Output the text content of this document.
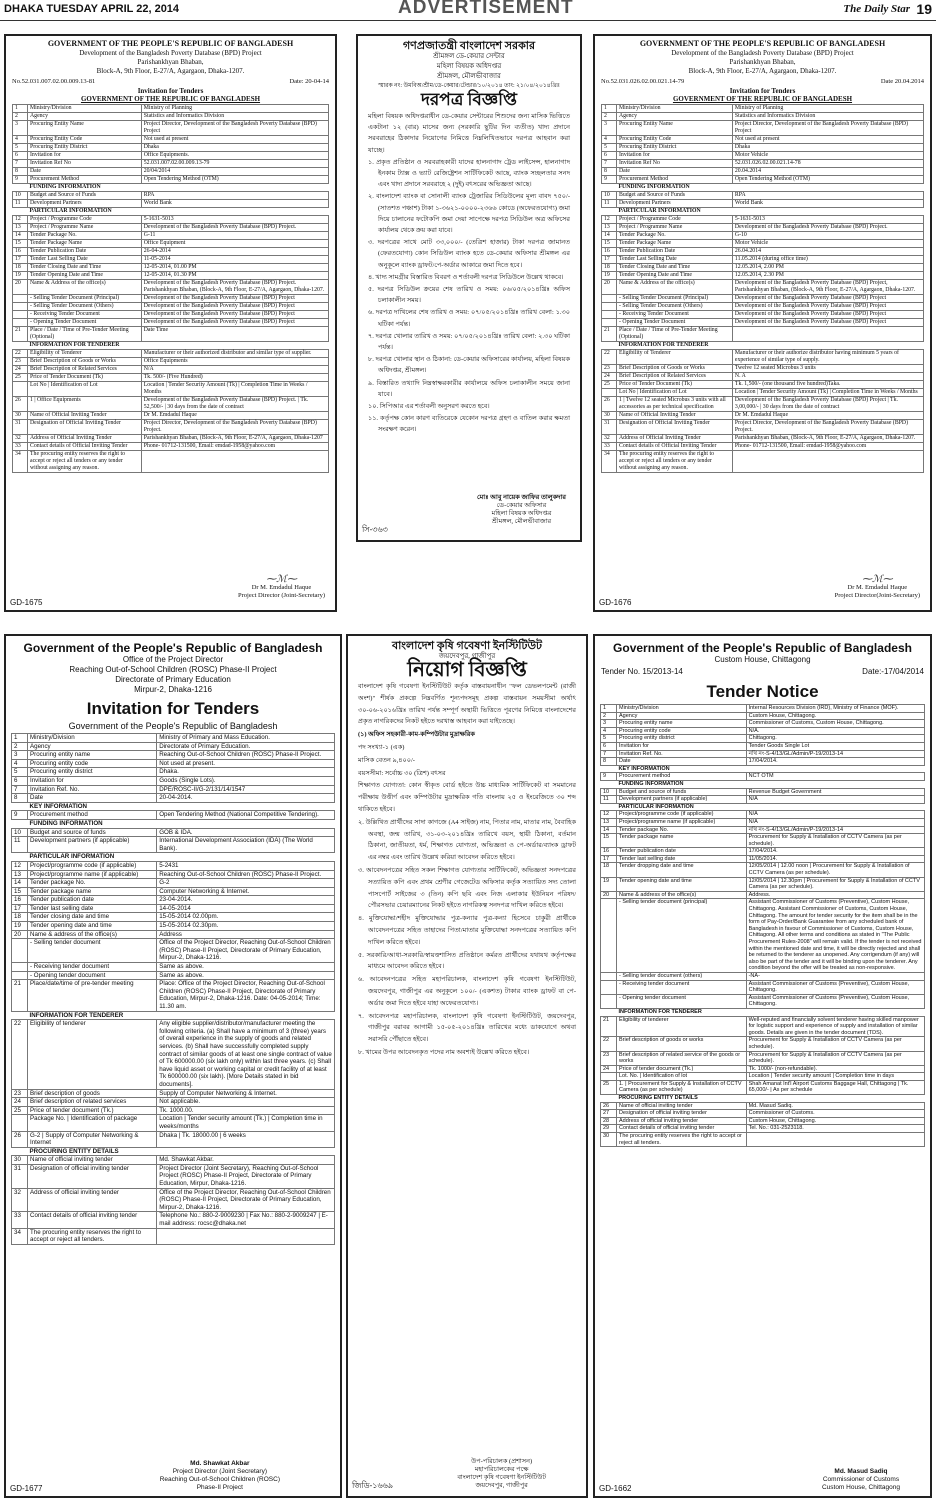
DHAKA TUESDAY APRIL 22, 2014	ADVERTISEMENT	The Daily Star 19
GOVERNMENT OF THE PEOPLE'S REPUBLIC OF BANGLADESH
Development of the Bangladesh Poverty Database (BPD) Project
Parishankhyan Bhaban,
Block-A, 9th Floor, E-27/A, Agargaon, Dhaka-1207.
No.52.031.007.02.00.009.13-81	Date: 20-04-14
Invitation for Tenders
GOVERNMENT OF THE REPUBLIC OF BANGLADESH
1	Ministry/Division	Ministry of Planning
2	Agency	Statistics and Informatics Division
3	Procuring Entity Name	Project Director, Development of the Bangladesh Poverty Database (BPD) Project
4	Procuring Entity Code	Not used at present
5	Procuring Entity District	Dhaka
6	Invitation for	Office Equipments.
7	Invitation Ref No	52.031.007.02.00.009.13-79
8	Date	20/04/2014
9	Procurement Method	Open Tendering Method (OTM)
	FUNDING INFORMATION	
10	Budget and Source of Funds	RPA
11	Development Partners	World Bank
	PARTICULAR INFORMATION	
12	Project / Programme Code	5-1631-5013
13	Project / Programme Name	Development of the Bangladesh Poverty Database (BPD) Project.
14	Tender Package No.	G-11
15	Tender Package Name	Office Equipment
16	Tender Publication Date	26-04-2014
17	Tender Last Selling Date	11-05-2014
18	Tender Closing Date and Time	12-05-2014, 01.00 PM
19	Tender Opening Date and Time	12-05-2014, 01.30 PM
20	Name & Address of the office(s)	Development of the Bangladesh Poverty Database (BPD) Project. Parishankhyan Bhaban, (Block-A, 9th Floor, E-27/A, Agargaon, Dhaka-1207.
	- Selling Tender Document (Principal)	Development of the Bangladesh Poverty Database (BPD) Project
	- Selling Tender Document (Others)	Development of the Bangladesh Poverty Database (BPD) Project
	- Receiving Tender Document	Development of the Bangladesh Poverty Database (BPD) Project
	- Opening Tender Document	Development of the Bangladesh Poverty Database (BPD) Project
21	Place / Date / Time of Pre-Tender Meeting (Optional)	Date Time
	INFORMATION FOR TENDERER	
22	Eligibility of Tenderer	Manufacturer or their authorized distributor and similar type of supplier.
23	Brief Description of Goods or Works	Office Equipments
24	Brief Description of Related Services	N/A
25	Price of Tender Document (Tk)	Tk. 500/- (Five Hundred)
	Lot No | Identification of Lot	Location | Tender Security Amount (Tk) | Completion Time in Weeks / Months
26	1 | Office Equipments	Development of the Bangladesh Poverty Database (BPD) Project. | Tk. 52,500/- | 30 days from the date of contract
30	Name of Official Inviting Tender	Dr M. Emdadul Haque
31	Designation of Official Inviting Tender	Project Director, Development of the Bangladesh Poverty Database (BPD) Project.
32	Address of Official Inviting Tender	Parishankhyan Bhaban, (Block-A, 9th Floor, E-27/A, Agargaon, Dhaka-1207
33	Contact details of Official Inviting Tender	Phone- 01712-131500, Email: emdad-1958@yahoo.com
34	The procuring entity reserves the right to accept or reject all tenders or any tender without assigning any reason.	
⁓ℳ⁓
Dr M. Emdadul Haque
Project Director (Joint-Secretary)
GD-1675
গণপ্রজাতন্ত্রী বাংলাদেশ সরকার
শ্রীমঙ্গল ডে-কেয়ার সেন্টার
মহিলা বিষয়ক অধিদপ্তর
শ্রীমঙ্গল, মৌলভীবাজার
স্মারক নং: উমবিঅ/শ্রীম/ডে-কেয়ার/টেন্ডার/১০/২০১৪ তাং: ২১/০৪/২০১৪খ্রিঃ
দরপত্র বিজ্ঞপ্তি

মহিলা বিষয়ক অধিদপ্তরাধীন ডে-কেয়ার সেন্টারের শিশুদের জন্য মাসিক ভিত্তিতে একটানা ১২ (বার) মাসের জন্য (সরকারি ছুটির দিন ব্যতীত) খাদ্য প্রদানে সরবরাহের ঠিকাদার নিয়োগের নিমিত্তে নিম্নলিখিতভাবে দরপত্র আহবান করা যাচ্ছে।

১. প্রকৃত প্রতিষ্ঠান ও সরবরাহকারী যাদের হালনাগাদ ট্রেড লাইসেন্স, হালনাগাদ ইনকাম ট্যাক্স ও ভ্যাট রেজিষ্ট্রেশন সার্টিফিকেট আছে, ব্যাংক সচ্ছলতার সনদ এবং খাদ্য প্রদানে সরবরাহে ২ (দুই) বৎসরের অভিজ্ঞতা আছে।

২. বাংলাদেশ ব্যাংক বা সোনালী ব্যাংক ট্রেজারির সিডিউলের মূল্য বাবদ ৭৫০/- (সাতশত পঞ্চাশ) টাকা ১-৩৬২১-০০০০-২৩৬৬ কোডে (অফেরতযোগ্য) জমা দিয়ে চালানের ফটোকপি জমা দেয়া সাপেক্ষে দরপত্র সিডিউল অত্র অফিসের কার্যালয় থেকে ক্রয় করা যাবে।

৩. দরপত্রের সাথে মোট ৩৩,০০০/- (তেত্রিশ হাজার) টাকা দরপত্র জামানত (ফেরতযোগ্য) কোন সিডিউল ব্যাংক হতে ডে-কেয়ার অফিসার শ্রীমঙ্গল এর অনুকূলে ব্যাংক ড্রাফট/পে-অর্ডার আকারে জমা দিতে হবে।

৪. খাদ্য সামগ্রীর বিস্তারিত বিবরণ ও শর্তাবলী দরপত্র সিডিউলে উল্লেখ থাকবে।

৫. দরপত্র সিডিউল ক্রয়ের শেষ তারিখ ও সময়: ০৬/০৫/২০১৪খ্রিঃ অফিস চলাকালীন সময়।

৬. দরপত্র দাখিলের শেষ তারিখ ও সময়: ০৭/০৫/২০১৪খ্রিঃ তারিখ বেলা: ১.৩০ ঘটিকা পর্যন্ত।

৭. দরপত্র খোলার তারিখ ও সময়: ০৭/০৫/২০১৪খ্রিঃ তারিখ বেলা: ২.৩০ ঘটিকা পর্যন্ত।

৮. দরপত্র খোলার স্থান ও ঠিকানা: ডে-কেয়ার অফিসারের কার্যালয়, মহিলা বিষয়ক অধিদপ্তর, শ্রীমঙ্গল।

৯. বিস্তারিত তথ্যাদি নিম্নস্বাক্ষরকারীর কার্যালয়ে অফিস চলাকালীন সময়ে জানা যাবে।

১০. সিপিআর এর শর্তাবলী অনুসরণ করতে হবে।

১১. কর্তৃপক্ষ কোন কারণ ব্যতিরেকে যেকোন দরপত্র গ্রহণ ও বাতিল করার ক্ষমতা সংরক্ষণ করেন।

মোঃ আবু নায়েক জাফির তালুকদার
ডে-কেয়ার অফিসার
মহিলা বিষয়ক অধিদপ্তর
শ্রীমঙ্গল, মৌলভীবাজার
সি-৩৬৩
GOVERNMENT OF THE PEOPLE'S REPUBLIC OF BANGLADESH
Development of the Bangladesh Poverty Database (BPD) Project
Parishankhyan Bhaban,
Block-A, 9th Floor, E-27/A, Agargaon, Dhaka-1207.
No.52.031.026.02.00.021.14-79	Date 20.04.2014
Invitation for Tenders
GOVERNMENT OF THE REPUBLIC OF BANGLADESH
1	Ministry/Division	Ministry of Planning
2	Agency	Statistics and Informatics Division
3	Procuring Entity Name	Project Director, Development of the Bangladesh Poverty Database (BPD) Project
4	Procuring Entity Code	Not used at present
5	Procuring Entity District	Dhaka
6	Invitation for	Motor Vehicle
7	Invitation Ref No	52.031.026.02.00.021.14-78
8	Date	20.04.2014
9	Procurement Method	Open Tendering Method (OTM)
	FUNDING INFORMATION	
10	Budget and Source of Funds	RPA
11	Development Partners	World Bank
	PARTICULAR INFORMATION	
12	Project / Programme Code	5-1631-5013
13	Project / Programme Name	Development of the Bangladesh Poverty Database (BPD) Project.
14	Tender Package No.	G-10
15	Tender Package Name	Motor Vehicle
16	Tender Publication Date	26.04.2014
17	Tender Last Selling Date	11.05.2014 (during office time)
18	Tender Closing Date and Time	12.05.2014, 2.00 PM
19	Tender Opening Date and Time	12.05.2014, 2.30 PM
20	Name & Address of the office(s)	Development of the Bangladesh Poverty Database (BPD) Project, Parishankhyan Bhaban, (Block-A, 9th Floor, E-27/A, Agargaon, Dhaka-1207.
	- Selling Tender Document (Principal)	Development of the Bangladesh Poverty Database (BPD) Project
	- Selling Tender Document (Others)	Development of the Bangladesh Poverty Database (BPD) Project
	- Receiving Tender Document	Development of the Bangladesh Poverty Database (BPD) Project
	- Opening Tender Document	Development of the Bangladesh Poverty Database (BPD) Project
21	Place / Date / Time of Pre-Tender Meeting (Optional)	
	INFORMATION FOR TENDERER	
22	Eligibility of Tenderer	Manufacturer or their authorize distributor having minimum 5 years of experience of similar type of supply.
23	Brief Description of Goods or Works	Twelve 12 seated Microbus 3 units
24	Brief Description of Related Services	N. A
25	Price of Tender Document (Tk)	Tk. 1,500/- (one thousand five hundred)Taka.
	Lot No | Identification of Lot	Location | Tender Security Amount (Tk) | Completion Time in Weeks / Months
26	1 | Twelve 12 seated Microbus 3 units with all accessories as per technical specification	Development of the Bangladesh Poverty Database (BPD) Project | Tk. 3,00,000/- | 30 days from the date of contract
30	Name of Official Inviting Tender	Dr M. Emdadul Haque
31	Designation of Official Inviting Tender	Project Director, Development of the Bangladesh Poverty Database (BPD) Project.
32	Address of Official Inviting Tender	Parishankhyan Bhaban, (Block-A, 9th Floor, E-27/A, Agargaon, Dhaka-1207.
33	Contact details of Official Inviting Tender	Phone- 01712-131500, Email: emdad-1958@yahoo.com
34	The procuring entity reserves the right to accept or reject all tenders or any tender without assigning any reason.	
⁓ℳ⁓
Dr M. Emdadul Haque
Project Director(Joint-Secretary)
GD-1676
Government of the People's Republic of Bangladesh
Office of the Project Director
Reaching Out-of-School Children (ROSC) Phase-II Project
Directorate of Primary Education
Mirpur-2, Dhaka-1216
Invitation for Tenders
Government of the People's Republic of Bangladesh
1	Ministry/Division	Ministry of Primary and Mass Education.
2	Agency	Directorate of Primary Education.
3	Procuring entity name	Reaching Out-of-School Children (ROSC) Phase-II Project.
4	Procuring entity code	Not used at present.
5	Procuring entity district	Dhaka.
6	Invitation for	Goods (Single Lots).
7	Invitation Ref. No.	DPE/ROSC-II/G-2/131/14/1547
8	Date	20-04-2014.
	KEY INFORMATION	
9	Procurement method	Open Tendering Method (National Competitive Tendering).
	FUNDING INFORMATION	
10	Budget and source of funds	GOB & IDA.
11	Development partners (if applicable)	International Development Association (IDA) (The World Bank).
	PARTICULAR INFORMATION	
12	Project/programme code (if applicable)	5-2431
13	Project/programme name (if applicable)	Reaching Out-of-School Children (ROSC) Phase-II Project.
14	Tender package No.	G-2
15	Tender package name	Computer Networking & Internet.
16	Tender publication date	23-04-2014.
17	Tender last selling date	14-05-2014
18	Tender closing date and time	15-05-2014 02.00pm.
19	Tender opening date and time	15-05-2014 02.30pm.
20	Name & address of the office(s)	Address
	- Selling tender document	Office of the Project Director, Reaching Out-of-School Children (ROSC) Phase-II Project, Directorate of Primary Education, Mirpur-2, Dhaka-1216.
	- Receiving tender document	Same as above.
	- Opening tender document	Same as above.
21	Place/date/time of pre-tender meeting	Place: Office of the Project Director, Reaching Out-of-School Children (ROSC) Phase-II Project, Directorate of Primary Education, Mirpur-2, Dhaka-1216. Date: 04-05-2014; Time: 11.30 am.
	INFORMATION FOR TENDERER	
22	Eligibility of tenderer	Any eligible supplier/distributor/manufacturer meeting the following criteria. (a) Shall have a minimum of 3 (three) years of overall experience in the supply of goods and related services. (b) Shall have successfully completed supply contract of similar goods of at least one single contract of value of Tk 600000.00 (six lakh only) within last three years. (c) Shall have liquid asset or working capital or credit facility of at least Tk 600000.00 (six lakh). [More Details stated in bid documents].
23	Brief description of goods	Supply of Computer Networking & Internet.
24	Brief description of related services	Not applicable.
25	Price of tender document (Tk.)	Tk. 1000.00.
	Package No. | Identification of package	Location | Tender security amount (Tk.) | Completion time in weeks/months
26	G-2 | Supply of Computer Networking & Internet	Dhaka | Tk. 18000.00 | 6 weeks
	PROCURING ENTITY DETAILS	
30	Name of official inviting tender	Md. Shawkat Akbar.
31	Designation of official inviting tender	Project Director (Joint Secretary), Reaching Out-of-School Project (ROSC) Phase-II Project, Directorate of Primary Education, Mirpur, Dhaka-1216.
32	Address of official inviting tender	Office of the Project Director, Reaching Out-of-School Children (ROSC) Phase-II Project, Directorate of Primary Education, Mirpur-2, Dhaka-1216.
33	Contact details of official inviting tender	Telephone No.: 880-2-9009230 | Fax No.: 880-2-9009247 | E-mail address: rocsc@dhaka.net
34	The procuring entity reserves the right to accept or reject all tenders.	
Md. Shawkat Akbar
Project Director (Joint Secretary)
Reaching Out-of-School Children (ROSC)
Phase-II Project
GD-1677
বাংলাদেশ কৃষি গবেষণা ইনস্টিটিউট
জয়দেবপুর, গাজীপুর
নিয়োগ বিজ্ঞপ্তি

বাংলাদেশ কৃষি গবেষণা ইনস্টিটিউট কর্তৃক বাস্তবায়নাধীন "ফল ডেভলপমেন্ট (রাজী অংশ)" শীর্ষক প্রকল্পে নিম্নবর্ণিত শূন্যপদসমূহ প্রকল্প বাস্তবায়ন সময়সীমা অর্থাৎ ৩০-০৬-২০১৬খ্রিঃ তারিখ পর্যন্ত সম্পূর্ণ অস্থায়ী ভিত্তিতে পূরণের নিমিত্তে বাংলাদেশের প্রকৃত নাগরিকদের নিকট হইতে দরখাস্ত আহবান করা যাইতেছে।

(১) অফিস সহকারী-কাম-কম্পিউটার মুদ্রাক্ষরিক

পদ সংখ্যা-১ (এক)

মাসিক বেতন ৯,৪০০/-

বয়সসীমা: সর্বোচ্চ ৩০ (ত্রিশ) বৎসর

শিক্ষাগত যোগ্যতা: কোন স্বীকৃত বোর্ড হইতে উচ্চ মাধ্যমিক সার্টিফিকেট বা সমমানের পরীক্ষায় উত্তীর্ণ এবং কম্পিউটার মুদ্রাক্ষরিক গতি বাংলায় ২৫ ও ইংরেজিতে ৩০ শব্দ থাকিতে হইবে।

২. উল্লিখিত প্রার্থীদের সাদা কাগজে (A4 সাইজ) নাম, পিতার নাম, মাতার নাম, বৈবাহিক অবস্থা, জন্ম তারিখ, ৩১-০৩-২০১৪খ্রিঃ তারিখে বয়স, স্থায়ী ঠিকানা, বর্তমান ঠিকানা, জাতীয়তা, ধর্ম, শিক্ষাগত যোগ্যতা, অভিজ্ঞতা ও পে-অর্ডার/ব্যাংক ড্রাফট এর নম্বর এবং তারিখ উল্লেখ করিয়া আবেদন করিতে হইবে।

৩. আবেদনপত্রের সহিত সকল শিক্ষাগত যোগ্যতার সার্টিফিকেট, অভিজ্ঞতা সনদপত্রের সত্যায়িত কপি এবং প্রথম শ্রেণীর গেজেটেড অফিসার কর্তৃক সত্যায়িত সদ্য তোলা পাসপোর্ট সাইজের ৩ (তিন) কপি ছবি এবং নিজ এলাকার ইউনিয়ন পরিষদ/পৌরসভার চেয়ারম্যানের নিকট হইতে নাগরিকত্ব সনদপত্র দাখিল করিতে হইবে।

৪. মুক্তিযোদ্ধা/শহীদ মুক্তিযোদ্ধার পুত্র-কন্যার পুত্র-কন্যা হিসেবে চাকুরী প্রার্থীকে আবেদনপত্রের সহিত তাহাদের পিতা/মাতার মুক্তিযোদ্ধা সনদপত্রের সত্যায়িত কপি দাখিল করিতে হইবে।

৫. সরকারি/আধা-সরকারি/স্বায়ত্তশাসিত প্রতিষ্ঠানে কর্মরত প্রার্থীদের যথাযথ কর্তৃপক্ষের মাধ্যমে আবেদন করিতে হইবে।

৬. আবেদনপত্রের সহিত মহাপরিচালক, বাংলাদেশ কৃষি গবেষণা ইনস্টিটিউট, জয়দেবপুর, গাজীপুর এর অনুকূলে ১০০/- (একশত) টাকার ব্যাংক ড্রাফট বা পে-অর্ডার জমা দিতে হইবে যাহা অফেরতযোগ্য।

৭. আবেদনপত্র মহাপরিচালক, বাংলাদেশ কৃষি গবেষণা ইনস্টিটিউট, জয়দেবপুর, গাজীপুর বরাবর আগামী ১৫-০৫-২০১৪খ্রিঃ তারিখের মধ্যে ডাকযোগে অথবা সরাসরি পৌঁছাতে হইবে।

৮. খামের উপর আবেদনকৃত পদের নাম অবশ্যই উল্লেখ করিতে হইবে।

উপ-পরিচালক (প্রশাসন)
মহাপরিচালকের পক্ষে
বাংলাদেশ কৃষি গবেষণা ইনস্টিটিউট
জয়দেবপুর, গাজীপুর
জিডি-১৬৬৯
Government of the People's Republic of Bangladesh
Custom House, Chittagong
Tender No. 15/2013-14	Date:-17/04/2014
Tender Notice
1	Ministry/Division	Internal Resources Division (IRD), Ministry of Finance (MOF).
2	Agency	Custom House, Chittagong.
3	Procuring entity name	Commissioner of Customs, Custom House, Chittagong.
4	Procuring entity code	N/A.
5	Procuring entity district	Chittagong.
6	Invitation for	Tender Goods Single Lot
7	Invitation Ref. No.	নথি নং-S-4/13/GL/Admin/P-19/2013-14
8	Date	17/04/2014.
	KEY INFORMATION	
9	Procurement method	NCT OTM
	FUNDING INFORMATION	
10	Budget and source of funds	Revenue Budget Government
11	Development partners (if applicable)	N/A
	PARTICULAR INFORMATION	
12	Project/programme code (if applicable)	N/A
13	Project/programme name (if applicable)	N/A
14	Tender package No.	নথি নং-S-4/13/GL/Admin/P-19/2013-14
15	Tender package name	Procurement for Supply & Installation of CCTV Camera (as per schedule).
16	Tender publication date	17/04/2014.
17	Tender last selling date	11/05/2014.
18	Tender dropping date and time	12/05/2014 | 12.00 noon | Procurement for Supply & Installation of CCTV Camera (as per schedule).
19	Tender opening date and time	12/05/2014 | 12.30pm | Procurement for Supply & Installation of CCTV Camera (as per schedule).
20	Name & address of the office(s)	Address.
	- Selling tender document (principal)	Assistant Commissioner of Customs (Preventive), Custom House, Chittagong. Assistant Commissioner of Customs, Custom House, Chittagong. The amount for tender security for the item shall be in the form of Pay-Order/Bank Guarantee from any scheduled bank of Bangladesh in favour of Commissioner of Customs, Custom House, Chittagong. All other terms and conditions as stated in "The Public Procurement Rules-2008" will remain valid. If the tender is not received within the mentioned date and time, it will be directly rejected and shall be returned to the tenderer as unopened. Any corrigendum (if any) will also be part of the tender and it will be binding upon the tenderer. Any condition beyond the offer will be treated as non-responsive.
	- Selling tender document (others)	-NA-
	- Receiving tender document	Assistant Commissioner of Customs (Preventive), Custom House, Chittagong.
	- Opening tender document	Assistant Commissioner of Customs (Preventive), Custom House, Chittagong.
	INFORMATION FOR TENDERER	
21	Eligibility of tenderer	Well-reputed and financially solvent tenderer having skilled manpower for logistic support and experience of supply and installation of similar goods. Details are given in the tender document (TDS).
22	Brief description of goods or works	Procurement for Supply & Installation of CCTV Camera (as per schedule).
23	Brief description of related service of the goods or works	Procurement for Supply & Installation of CCTV Camera (as per schedule).
24	Price of tender document (Tk.)	Tk. 1000/- (non-refundable).
	Lot. No. | Identification of lot	Location | Tender security amount | Completion time in days
25	1. | Procurement for Supply & Installation of CCTV Camera (as per schedule)	Shah Amanat Int'l Airport Customs Baggage Hall, Chittagong | Tk. 65,000/- | As per schedule
	PROCURING ENTITY DETAILS	
26	Name of official inviting tender	Md. Masud Sadiq.
27	Designation of official inviting tender	Commissioner of Customs.
28	Address of official inviting tender	Custom House, Chittagong.
29	Contact details of official inviting tender	Tel. No.: 031-2523118.
30	The procuring entity reserves the right to accept or reject all tenders.	
Md. Masud Sadiq
Commissioner of Customs
Custom House, Chittagong
GD-1662
